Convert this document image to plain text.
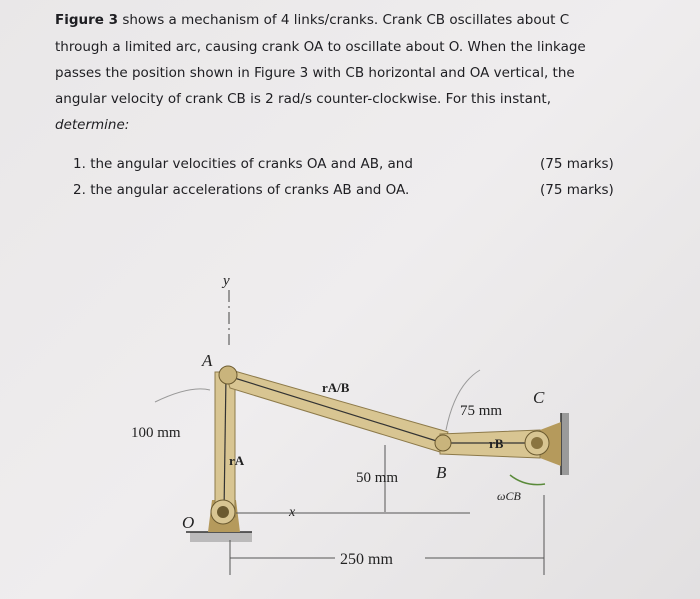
Figure 3 shows a mechanism of 4 links/cranks. Crank CB oscillates about C
through a limited arc, causing crank OA to oscillate about O. When the linkage
passes the position shown in Figure 3 with CB horizontal and OA vertical, the
angular velocity of crank CB is 2 rad/s counter-clockwise. For this instant,
determine:
1. the angular velocities of cranks OA and AB, and	(75 marks)
2. the angular accelerations of cranks AB and OA.	(75 marks)
y
A
100 mm
rA
rA/B
75 mm
C
rB
50 mm B
ωCB
x
O
250 mm
